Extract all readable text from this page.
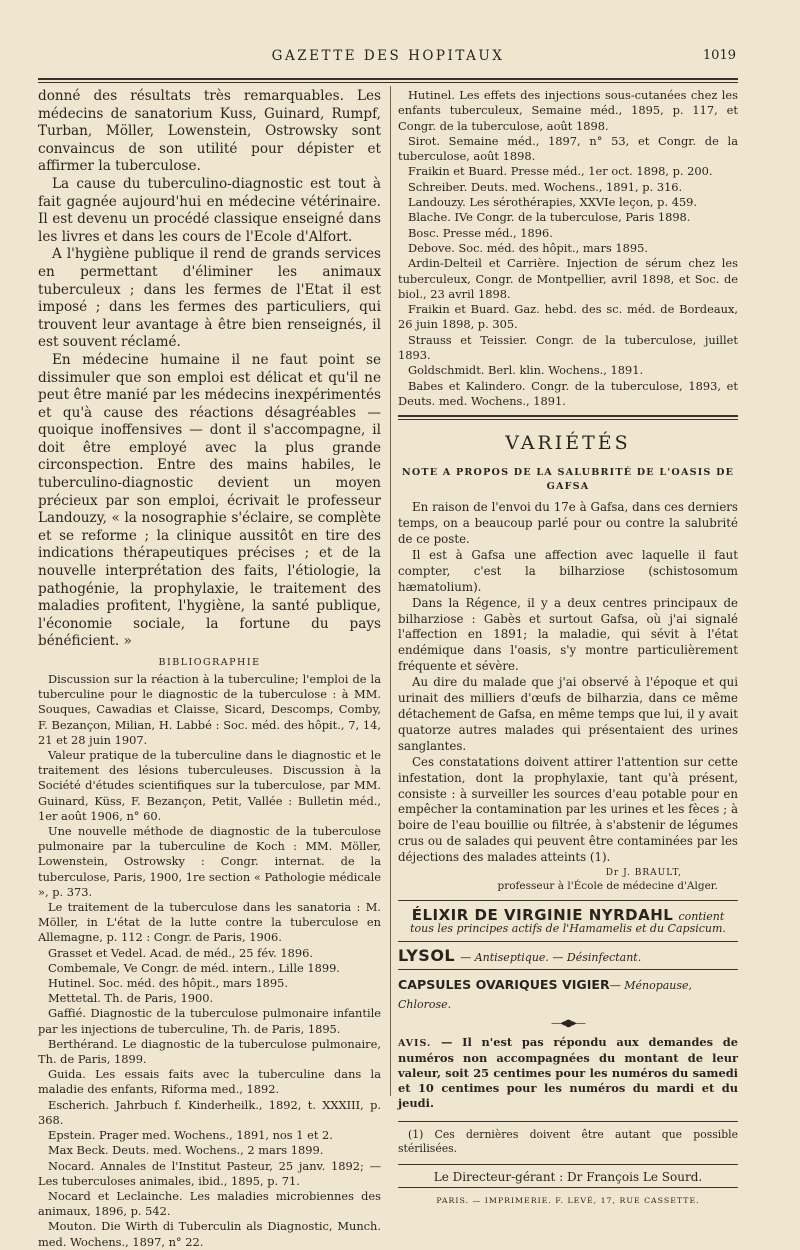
GAZETTE DES HOPITAUX	1019

donné des résultats très remarquables. Les médecins de sanatorium Kuss, Guinard, Rumpf, Turban, Möller, Lowenstein, Ostrowsky sont convaincus de son utilité pour dépister et affirmer la tuberculose.

La cause du tuberculino-diagnostic est tout à fait gagnée aujourd'hui en médecine vétérinaire. Il est devenu un procédé classique enseigné dans les livres et dans les cours de l'Ecole d'Alfort.

A l'hygiène publique il rend de grands services en permettant d'éliminer les animaux tuberculeux ; dans les fermes de l'Etat il est imposé ; dans les fermes des particuliers, qui trouvent leur avantage à être bien renseignés, il est souvent réclamé.

En médecine humaine il ne faut point se dissimuler que son emploi est délicat et qu'il ne peut être manié par les médecins inexpérimentés et qu'à cause des réactions désagréables — quoique inoffensives — dont il s'accompagne, il doit être employé avec la plus grande circonspection. Entre des mains habiles, le tuberculino-diagnostic devient un moyen précieux par son emploi, écrivait le professeur Landouzy, « la nosographie s'éclaire, se complète et se reforme ; la clinique aussitôt en tire des indications thérapeutiques précises ; et de la nouvelle interprétation des faits, l'étiologie, la pathogénie, la prophylaxie, le traitement des maladies profitent, l'hygiène, la santé publique, l'économie sociale, la fortune du pays bénéficient. »

BIBLIOGRAPHIE

Discussion sur la réaction à la tuberculine; l'emploi de la tuberculine pour le diagnostic de la tuberculose : à MM. Souques, Cawadias et Claisse, Sicard, Descomps, Comby, F. Bezançon, Milian, H. Labbé : Soc. méd. des hôpit., 7, 14, 21 et 28 juin 1907.

Valeur pratique de la tuberculine dans le diagnostic et le traitement des lésions tuberculeuses. Discussion à la Société d'études scientifiques sur la tuberculose, par MM. Guinard, Küss, F. Bezançon, Petit, Vallée : Bulletin méd., 1er août 1906, n° 60.

Une nouvelle méthode de diagnostic de la tuberculose pulmonaire par la tuberculine de Koch : MM. Möller, Lowenstein, Ostrowsky : Congr. internat. de la tuberculose, Paris, 1900, 1re section « Pathologie médicale », p. 373.

Le traitement de la tuberculose dans les sanatoria : M. Möller, in L'état de la lutte contre la tuberculose en Allemagne, p. 112 : Congr. de Paris, 1906.

Grasset et Vedel. Acad. de méd., 25 fév. 1896.

Combemale, Ve Congr. de méd. intern., Lille 1899.

Hutinel. Soc. méd. des hôpit., mars 1895.

Mettetal. Th. de Paris, 1900.

Gaffié. Diagnostic de la tuberculose pulmonaire infantile par les injections de tuberculine, Th. de Paris, 1895.

Berthérand. Le diagnostic de la tuberculose pulmonaire, Th. de Paris, 1899.

Guida. Les essais faits avec la tuberculine dans la maladie des enfants, Riforma med., 1892.

Escherich. Jahrbuch f. Kinderheilk., 1892, t. XXXIII, p. 368.

Epstein. Prager med. Wochens., 1891, nos 1 et 2.

Max Beck. Deuts. med. Wochens., 2 mars 1899.

Nocard. Annales de l'Institut Pasteur, 25 janv. 1892; — Les tuberculoses animales, ibid., 1895, p. 71.

Nocard et Leclainche. Les maladies microbiennes des animaux, 1896, p. 542.

Mouton. Die Wirth di Tuberculin als Diagnostic, Munch. med. Wochens., 1897, n° 22.

Hutinel. Les effets des injections sous-cutanées chez les enfants tuberculeux, Semaine méd., 1895, p. 117, et Congr. de la tuberculose, août 1898.

Sirot. Semaine méd., 1897, n° 53, et Congr. de la tuberculose, août 1898.

Fraikin et Buard. Presse méd., 1er oct. 1898, p. 200.

Schreiber. Deuts. med. Wochens., 1891, p. 316.

Landouzy. Les sérothérapies, XXVIe leçon, p. 459.

Blache. IVe Congr. de la tuberculose, Paris 1898.

Bosc. Presse méd., 1896.

Debove. Soc. méd. des hôpit., mars 1895.

Ardin-Delteil et Carrière. Injection de sérum chez les tuberculeux, Congr. de Montpellier, avril 1898, et Soc. de biol., 23 avril 1898.

Fraikin et Buard. Gaz. hebd. des sc. méd. de Bordeaux, 26 juin 1898, p. 305.

Strauss et Teissier. Congr. de la tuberculose, juillet 1893.

Goldschmidt. Berl. klin. Wochens., 1891.

Babes et Kalindero. Congr. de la tuberculose, 1893, et Deuts. med. Wochens., 1891.

VARIÉTÉS
NOTE A PROPOS DE LA SALUBRITÉ DE L'OASIS DE GAFSA

En raison de l'envoi du 17e à Gafsa, dans ces derniers temps, on a beaucoup parlé pour ou contre la salubrité de ce poste.

Il est à Gafsa une affection avec laquelle il faut compter, c'est la bilharziose (schistosomum hæmatolium).

Dans la Régence, il y a deux centres principaux de bilharziose : Gabès et surtout Gafsa, où j'ai signalé l'affection en 1891; la maladie, qui sévit à l'état endémique dans l'oasis, s'y montre particulièrement fréquente et sévère.

Au dire du malade que j'ai observé à l'époque et qui urinait des milliers d'œufs de bilharzia, dans ce même détachement de Gafsa, en même temps que lui, il y avait quatorze autres malades qui présentaient des urines sanglantes.

Ces constatations doivent attirer l'attention sur cette infestation, dont la prophylaxie, tant qu'à présent, consiste : à surveiller les sources d'eau potable pour en empêcher la contamination par les urines et les fèces ; à boire de l'eau bouillie ou filtrée, à s'abstenir de légumes crus ou de salades qui peuvent être contaminées par les déjections des malades atteints (1).

Dr J. BRAULT,
professeur à l'École de médecine d'Alger.
ÉLIXIR DE VIRGINIE NYRDAHL contient
tous les principes actifs de l'Hamamelis et du Capsicum.
LYSOL — Antiseptique. — Désinfectant.
CAPSULES OVARIQUES VIGIER— Ménopause, Chlorose.
—◂●▸—

AVIS. — Il n'est pas répondu aux demandes de numéros non accompagnées du montant de leur valeur, soit 25 centimes pour les numéros du samedi et 10 centimes pour les numéros du mardi et du jeudi.

(1) Ces dernières doivent être autant que possible stérilisées.

Le Directeur-gérant : Dr François Le Sourd.
PARIS. — IMPRIMERIE. F. LEVÉ, 17, RUE CASSETTE.
